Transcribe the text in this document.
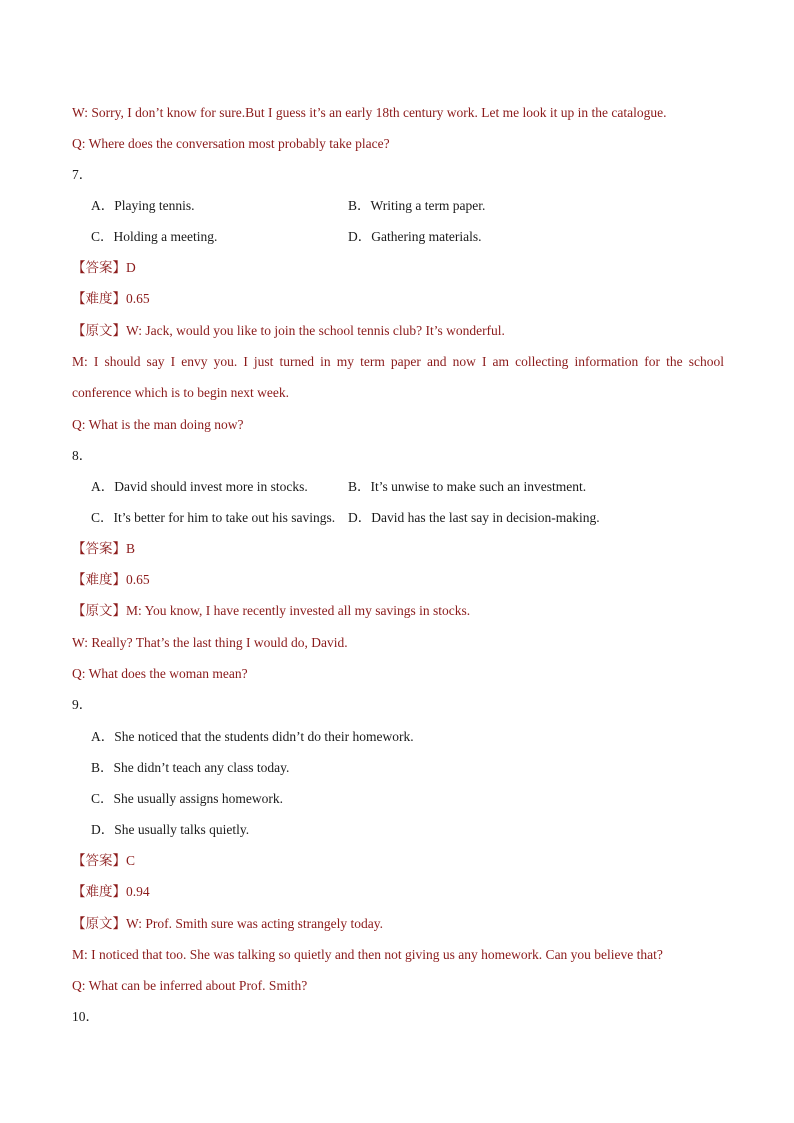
W: Sorry, I don’t know for sure.But I guess it’s an early 18th century work. Let me look it up in the catalogue.
Q: Where does the conversation most probably take place?
7．
A．Playing tennis.	B．Writing a term paper.
C．Holding a meeting.	D．Gathering materials.
【答案】D
【难度】0.65
【原文】W: Jack, would you like to join the school tennis club? It’s wonderful.
M: I should say I envy you. I just turned in my term paper and now I am collecting information for the school
conference which is to begin next week.
Q: What is the man doing now?
8．
A．David should invest more in stocks.	B．It’s unwise to make such an investment.
C．It’s better for him to take out his savings. D．David has the last say in decision-making.
【答案】B
【难度】0.65
【原文】M: You know, I have recently invested all my savings in stocks.
W: Really? That’s the last thing I would do, David.
Q: What does the woman mean?
9．
A．She noticed that the students didn’t do their homework.
B．She didn’t teach any class today.
C．She usually assigns homework.
D．She usually talks quietly.
【答案】C
【难度】0.94
【原文】W: Prof. Smith sure was acting strangely today.
M: I noticed that too. She was talking so quietly and then not giving us any homework. Can you believe that?
Q: What can be inferred about Prof. Smith?
10．
